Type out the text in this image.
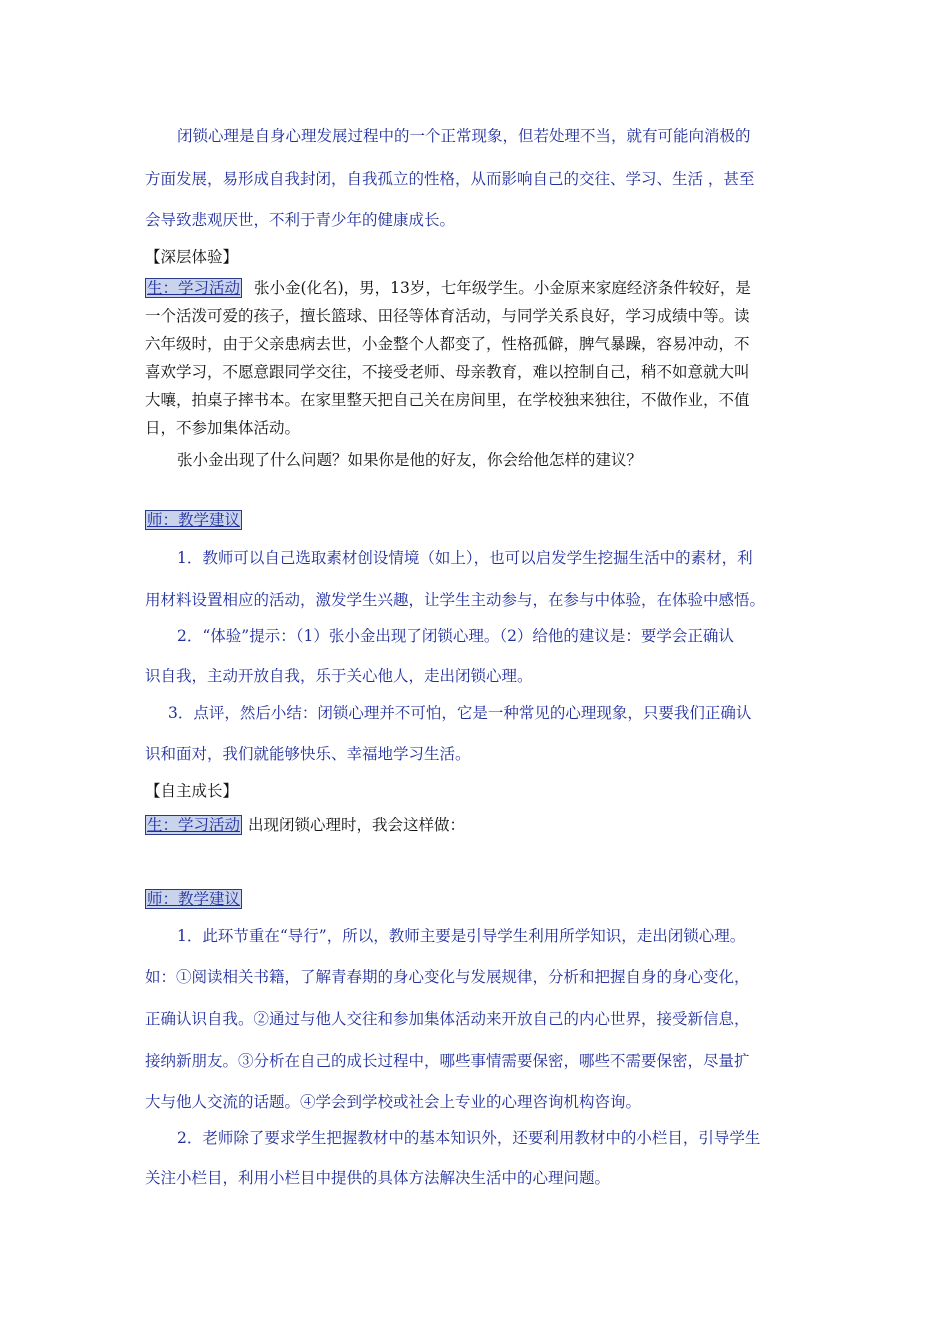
闭锁心理是自身心理发展过程中的一个正常现象，但若处理不当，就有可能向消极的
方面发展，易形成自我封闭，自我孤立的性格，从而影响自己的交往、学习、生活 ，甚至
会导致悲观厌世，不利于青少年的健康成长。
【深层体验】
生：学习活动 张小金(化名)，男，13岁，七年级学生。小金原来家庭经济条件较好，是
一个活泼可爱的孩子，擅长篮球、田径等体育活动，与同学关系良好，学习成绩中等。读
六年级时，由于父亲患病去世，小金整个人都变了，性格孤僻，脾气暴躁，容易冲动，不
喜欢学习，不愿意跟同学交往，不接受老师、母亲教育，难以控制自己，稍不如意就大叫
大嚷，拍桌子摔书本。在家里整天把自己关在房间里，在学校独来独往，不做作业，不值
日，不参加集体活动。
张小金出现了什么问题？如果你是他的好友，你会给他怎样的建议？
师：教学建议
1．教师可以自己选取素材创设情境（如上），也可以启发学生挖掘生活中的素材，利
用材料设置相应的活动，激发学生兴趣，让学生主动参与，在参与中体验，在体验中感悟。
2．“体验”提示：（1）张小金出现了闭锁心理。（2）给他的建议是：要学会正确认
识自我，主动开放自我，乐于关心他人，走出闭锁心理。
3．点评，然后小结：闭锁心理并不可怕，它是一种常见的心理现象，只要我们正确认
识和面对，我们就能够快乐、幸福地学习生活。
【自主成长】
生：学习活动 出现闭锁心理时，我会这样做：
师：教学建议
1．此环节重在“导行”，所以，教师主要是引导学生利用所学知识，走出闭锁心理。
如：①阅读相关书籍，了解青春期的身心变化与发展规律，分析和把握自身的身心变化，
正确认识自我。②通过与他人交往和参加集体活动来开放自己的内心世界，接受新信息，
接纳新朋友。③分析在自己的成长过程中，哪些事情需要保密，哪些不需要保密，尽量扩
大与他人交流的话题。④学会到学校或社会上专业的心理咨询机构咨询。
2．老师除了要求学生把握教材中的基本知识外，还要利用教材中的小栏目，引导学生
关注小栏目，利用小栏目中提供的具体方法解决生活中的心理问题。
